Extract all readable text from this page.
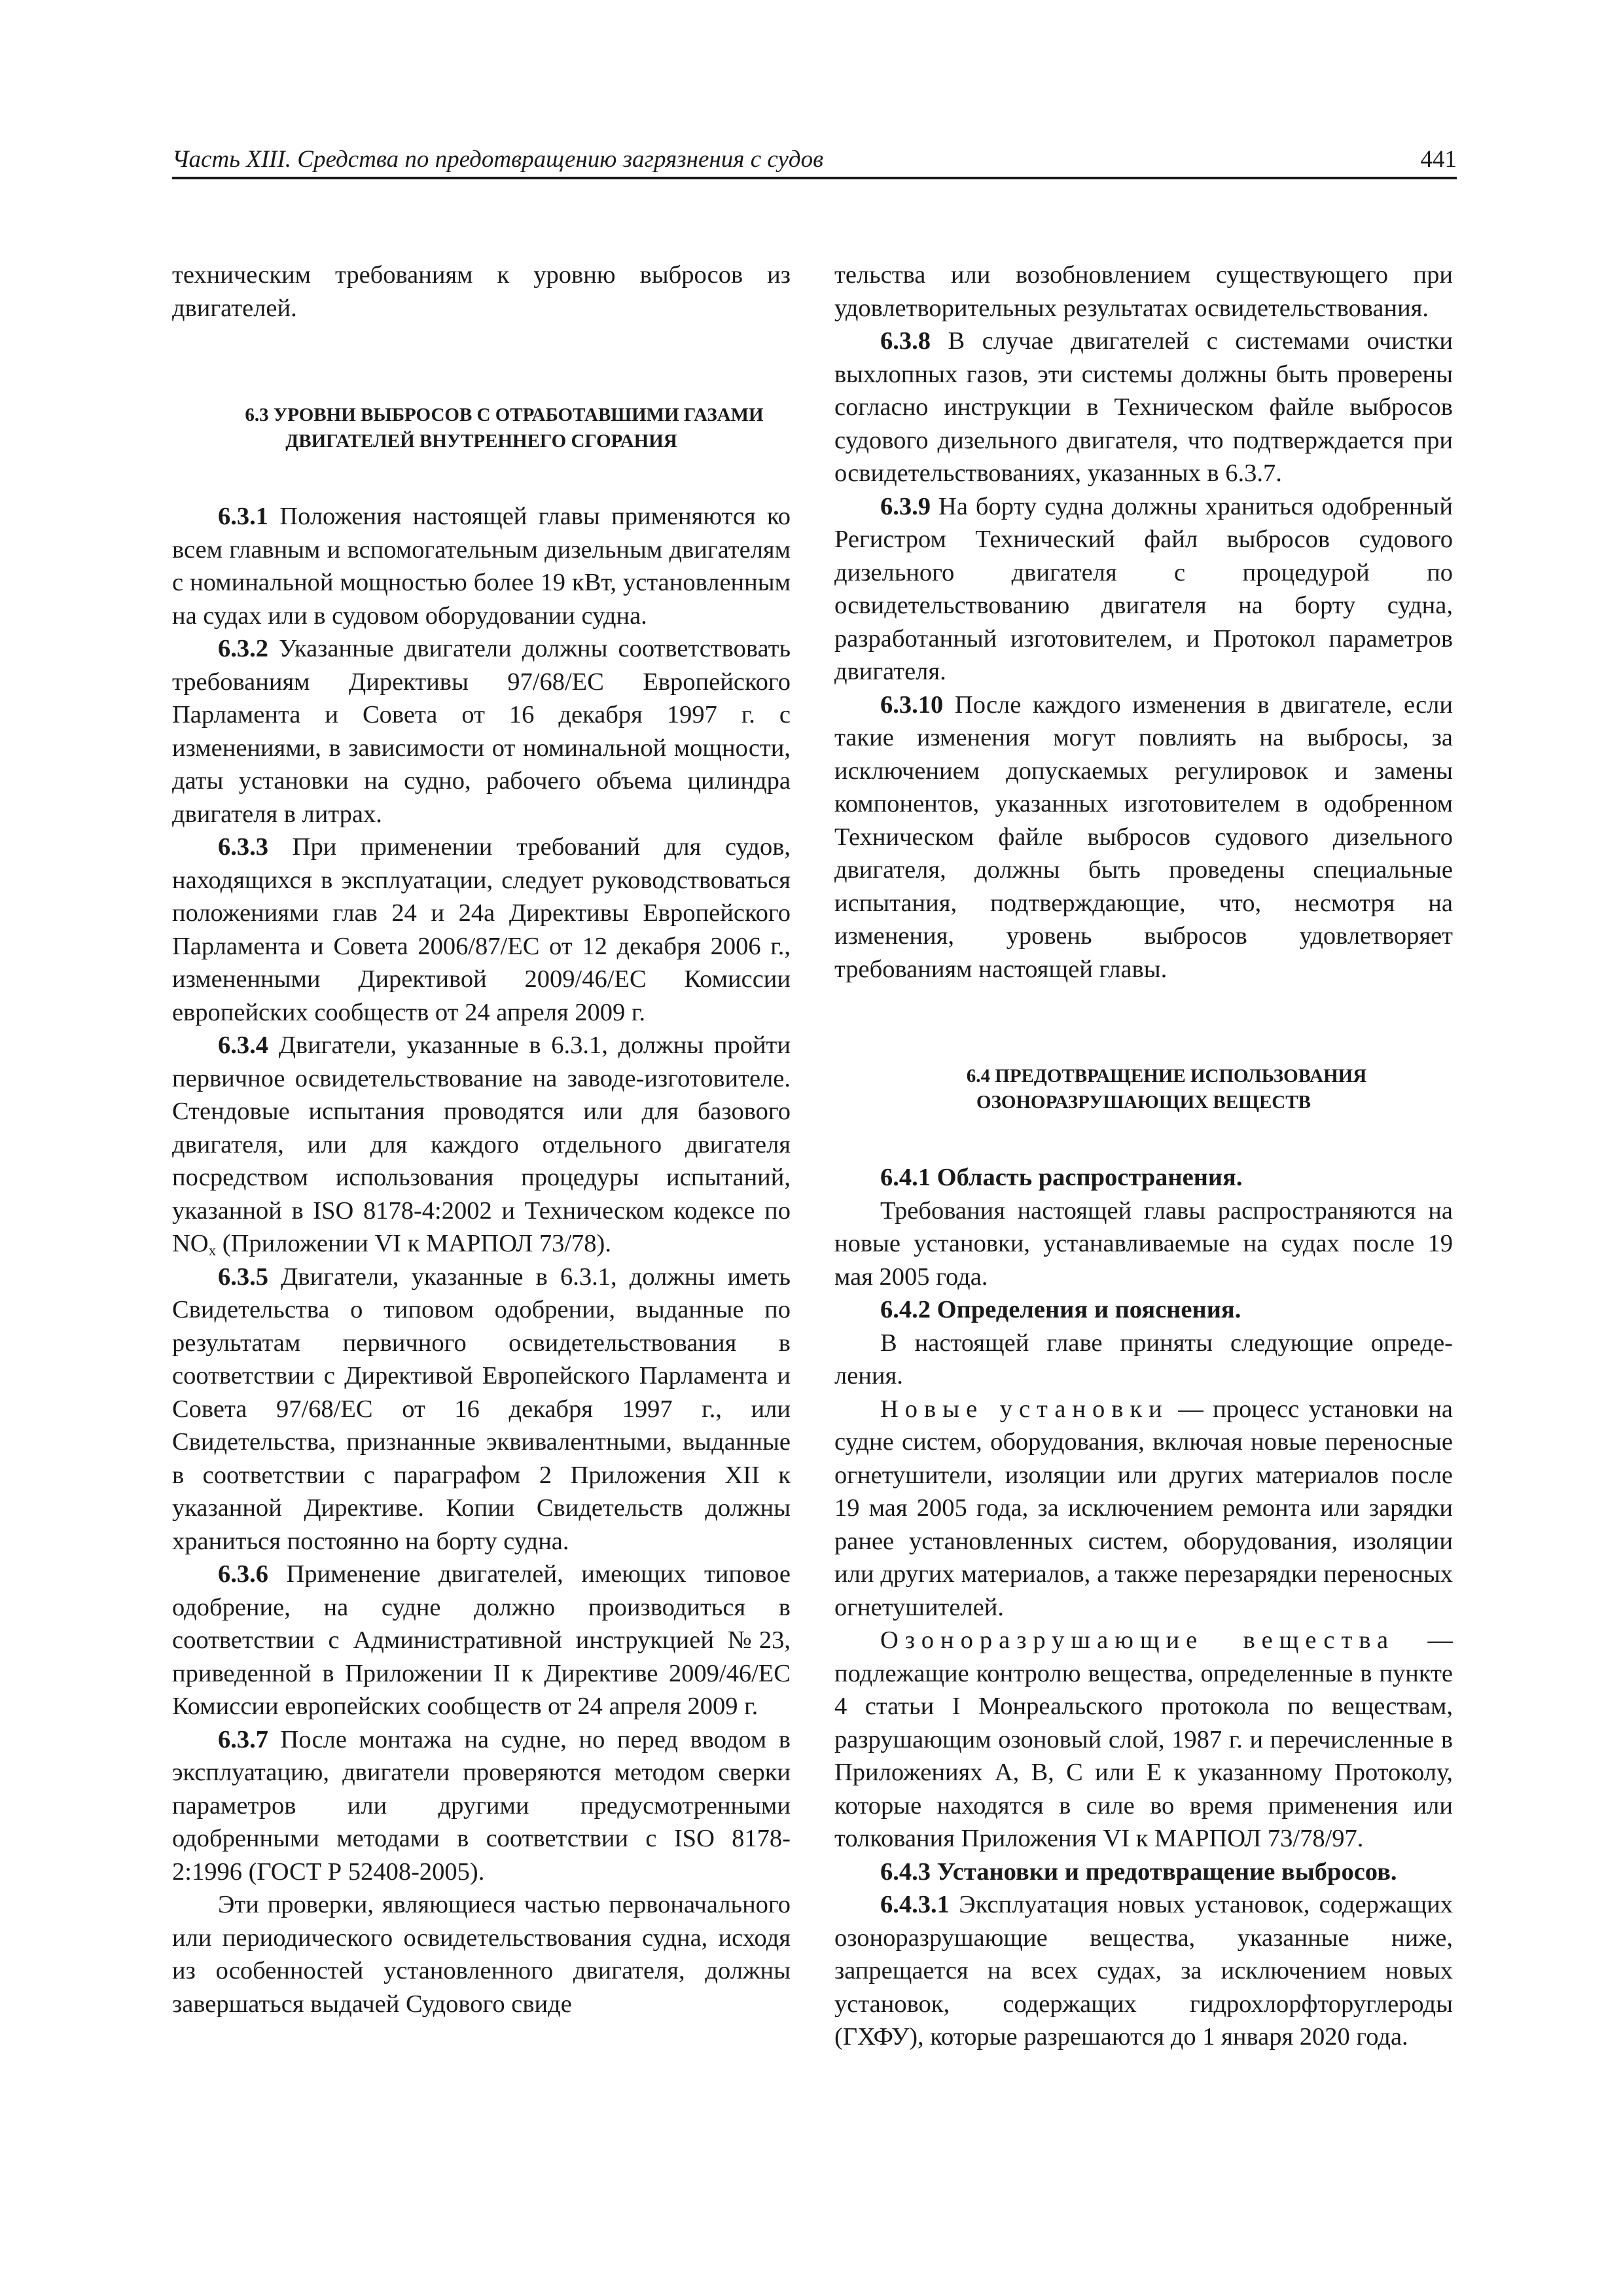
Часть XIII. Средства по предотвращению загрязнения с судов	441

техническим требованиям к уровню выбросов из двигателей.

6.3 УРОВНИ ВЫБРОСОВ С ОТРАБОТАВШИМИ ГАЗАМИ ДВИГАТЕЛЕЙ ВНУТРЕННЕГО СГОРАНИЯ

6.3.1 Положения настоящей главы применяются ко всем главным и вспомогательным дизельным двигателям с номинальной мощностью более 19 кВт, установленным на судах или в судовом оборудовании судна.

6.3.2 Указанные двигатели должны соответствовать требованиям Директивы 97/68/ЕС Европейского Парламента и Совета от 16 декабря 1997 г. с изменениями, в зависимости от номинальной мощности, даты установки на судно, рабочего объема цилиндра двигателя в литрах.

6.3.3 При применении требований для судов, находящихся в эксплуатации, следует руководствоваться положениями глав 24 и 24а Директивы Европейского Парламента и Совета 2006/87/ЕС от 12 декабря 2006 г., измененными Директивой 2009/46/ЕС Комиссии европейских сообществ от 24 апреля 2009 г.

6.3.4 Двигатели, указанные в 6.3.1, должны пройти первичное освидетельствование на заводе-изготовителе. Стендовые испытания проводятся или для базового двигателя, или для каждого отдельного двигателя посредством использования процедуры испытаний, указанной в ISO 8178-4:2002 и Техническом кодексе по $NO_x$ (Приложении VI к МАРПОЛ 73/78).

6.3.5 Двигатели, указанные в 6.3.1, должны иметь Свидетельства о типовом одобрении, выданные по результатам первичного освидетельствования в соответствии с Директивой Европейского Парламента и Совета 97/68/ЕС от 16 декабря 1997 г., или Свидетельства, признанные эквивалентными, выданные в соответствии с параграфом 2 Приложения XII к указанной Директиве. Копии Свидетельств должны храниться постоянно на борту судна.

6.3.6 Применение двигателей, имеющих типовое одобрение, на судне должно производиться в соответствии с Административной инструкцией №23, приведенной в Приложении II к Директиве 2009/46/ЕС Комиссии европейских сообществ от 24 апреля 2009 г.

6.3.7 После монтажа на судне, но перед вводом в эксплуатацию, двигатели проверяются методом сверки параметров или другими предусмотренными одобренными методами в соответствии с ISO 8178-2:1996 (ГОСТ Р 52408-2005).

Эти проверки, являющиеся частью первоначального или периодического освидетельствования судна, исходя из особенностей установленного двигателя, должны завершаться выдачей Судового свиде

тельства или возобновлением существующего при удовлетворительных результатах освидетельствования.

6.3.8 В случае двигателей с системами очистки выхлопных газов, эти системы должны быть проверены согласно инструкции в Техническом файле выбросов судового дизельного двигателя, что подтверждается при освидетельствованиях, указанных в 6.3.7.

6.3.9 На борту судна должны храниться одобренный Регистром Технический файл выбросов судового дизельного двигателя с процедурой по освидетельствованию двигателя на борту судна, разработанный изготовителем, и Протокол параметров двигателя.

6.3.10 После каждого изменения в двигателе, если такие изменения могут повлиять на выбросы, за исключением допускаемых регулировок и замены компонентов, указанных изготовителем в одобренном Техническом файле выбросов судового дизельного двигателя, должны быть проведены специальные испытания, подтверждающие, что, несмотря на изменения, уровень выбросов удовлетворяет требованиям настоящей главы.

6.4 ПРЕДОТВРАЩЕНИЕ ИСПОЛЬЗОВАНИЯ ОЗОНОРАЗРУШАЮЩИХ ВЕЩЕСТВ

6.4.1 Область распространения.

Требования настоящей главы распространяются на новые установки, устанавливаемые на судах после 19 мая 2005 года.

6.4.2 Определения и пояснения.

В настоящей главе приняты следующие определения.

Новые установки — процесс установки на судне систем, оборудования, включая новые переносные огнетушители, изоляции или других материалов после 19 мая 2005 года, за исключением ремонта или зарядки ранее установленных систем, оборудования, изоляции или других материалов, а также перезарядки переносных огнетушителей.

Озоноразрушающие вещества — подлежащие контролю вещества, определенные в пункте 4 статьи I Монреальского протокола по веществам, разрушающим озоновый слой, 1987 г. и перечисленные в Приложениях A, B, C или E к указанному Протоколу, которые находятся в силе во время применения или толкования Приложения VI к МАРПОЛ 73/78/97.

6.4.3 Установки и предотвращение выбросов.

6.4.3.1 Эксплуатация новых установок, содержащих озоноразрушающие вещества, указанные ниже, запрещается на всех судах, за исключением новых установок, содержащих гидрохлорфторуглероды (ГХФУ), которые разрешаются до 1 января 2020 года.
